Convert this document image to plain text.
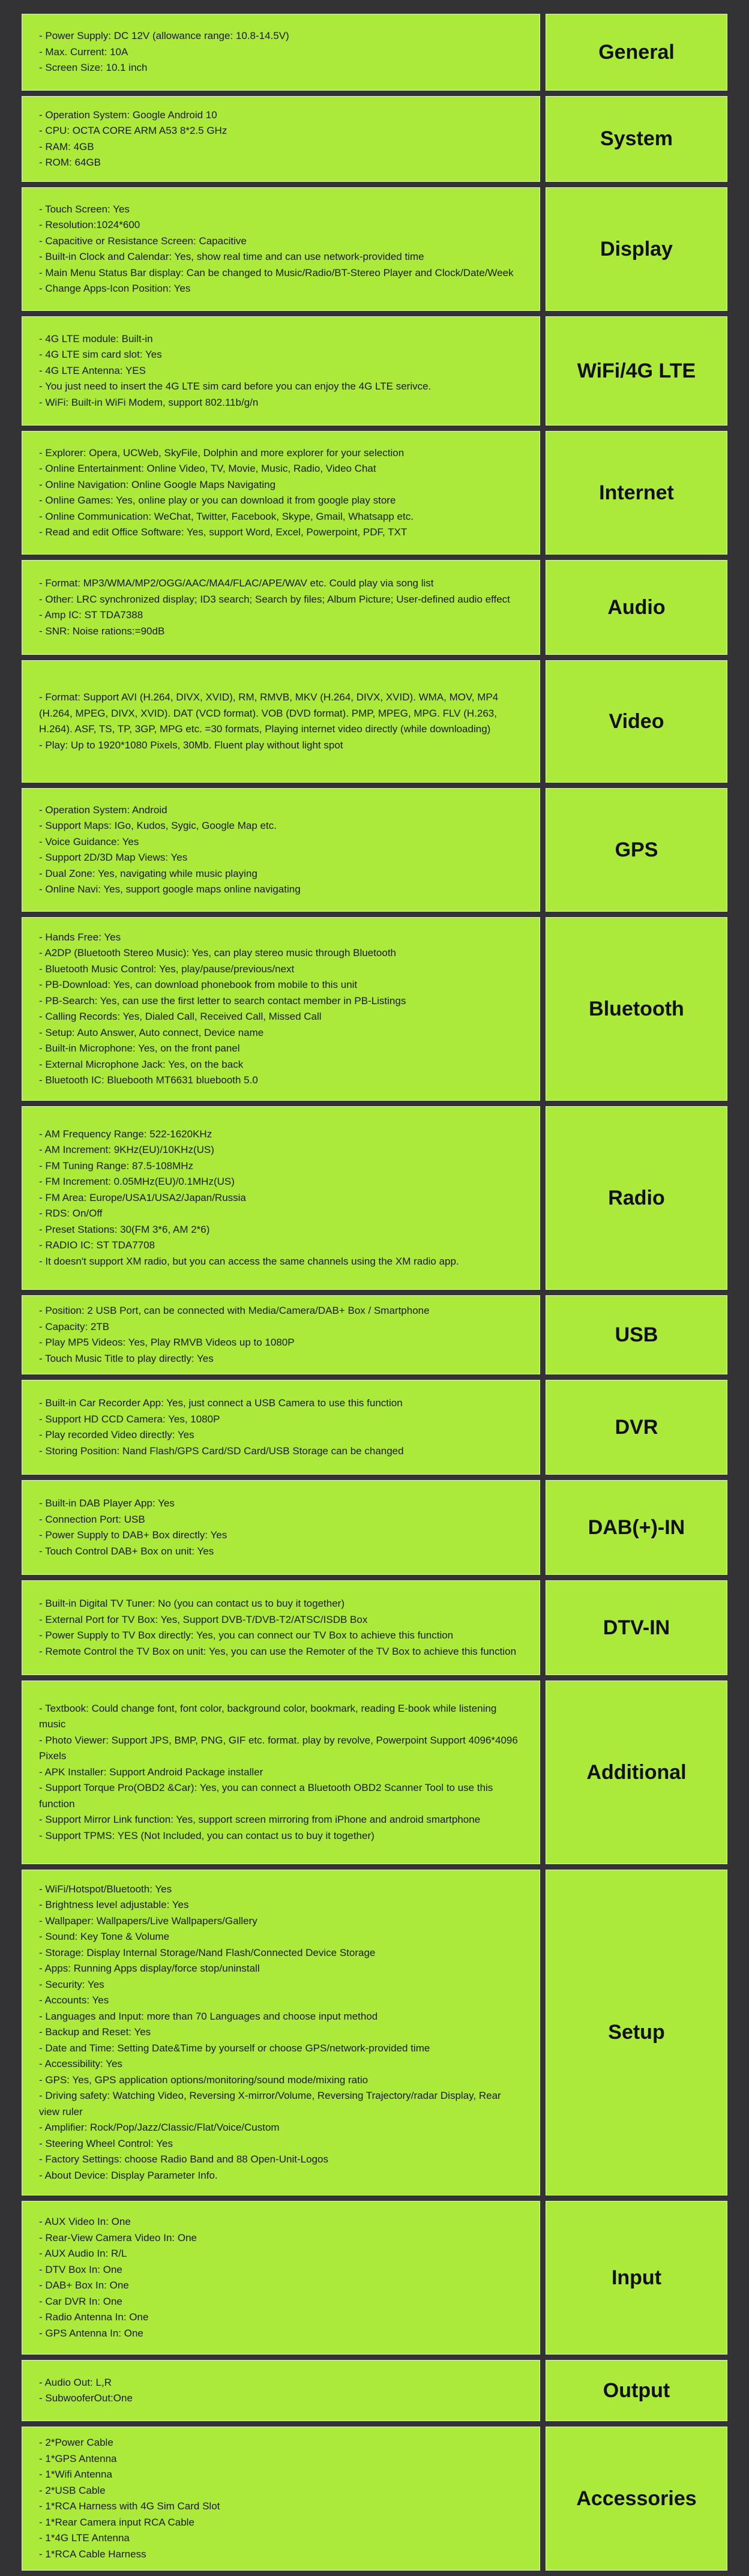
- Power Supply: DC 12V (allowance range: 10.8-14.5V)
- Max. Current: 10A
- Screen Size: 10.1 inch
General
- Operation System: Google Android 10
- CPU: OCTA CORE ARM A53 8*2.5 GHz
- RAM: 4GB
- ROM: 64GB
System
- Touch Screen: Yes
- Resolution:1024*600
- Capacitive or Resistance Screen: Capacitive
- Built-in Clock and Calendar: Yes, show real time and can use network-provided time
- Main Menu Status Bar display: Can be changed to Music/Radio/BT-Stereo Player and Clock/Date/Week
- Change Apps-Icon Position: Yes
Display
- 4G LTE module: Built-in
- 4G LTE sim card slot: Yes
- 4G LTE Antenna: YES
- You just need to insert the 4G LTE sim card before you can enjoy the 4G LTE serivce.
- WiFi: Built-in WiFi Modem, support 802.11b/g/n
WiFi/4G LTE
- Explorer: Opera, UCWeb, SkyFile, Dolphin and more explorer for your selection
- Online Entertainment: Online Video, TV, Movie, Music, Radio, Video Chat
- Online Navigation: Online Google Maps Navigating
- Online Games: Yes, online play or you can download it from google play store
- Online Communication: WeChat, Twitter, Facebook, Skype, Gmail, Whatsapp etc.
- Read and edit Office Software: Yes, support Word, Excel, Powerpoint, PDF, TXT
Internet
- Format: MP3/WMA/MP2/OGG/AAC/MA4/FLAC/APE/WAV etc. Could play via song list
- Other: LRC synchronized display; ID3 search; Search by files; Album Picture; User-defined audio effect
- Amp IC: ST TDA7388
- SNR: Noise rations:=90dB
Audio
- Format: Support AVI (H.264, DIVX, XVID), RM, RMVB, MKV (H.264, DIVX, XVID). WMA, MOV, MP4 (H.264, MPEG, DIVX, XVID). DAT (VCD format). VOB (DVD format). PMP, MPEG, MPG. FLV (H.263, H.264). ASF, TS, TP, 3GP, MPG etc. =30 formats, Playing internet video directly (while downloading)
- Play: Up to 1920*1080 Pixels, 30Mb. Fluent play without light spot
Video
- Operation System: Android
- Support Maps: IGo, Kudos, Sygic, Google Map etc.
- Voice Guidance: Yes
- Support 2D/3D Map Views: Yes
- Dual Zone: Yes, navigating while music playing
- Online Navi: Yes, support google maps online navigating
GPS
- Hands Free: Yes
- A2DP (Bluetooth Stereo Music): Yes, can play stereo music through Bluetooth
- Bluetooth Music Control: Yes, play/pause/previous/next
- PB-Download: Yes, can download phonebook from mobile to this unit
- PB-Search: Yes, can use the first letter to search contact member in PB-Listings
- Calling Records: Yes, Dialed Call, Received Call, Missed Call
- Setup: Auto Answer, Auto connect, Device name
- Built-in Microphone: Yes, on the front panel
- External Microphone Jack: Yes, on the back
- Bluetooth IC: Bluebooth MT6631 bluebooth 5.0
Bluetooth
- AM Frequency Range: 522-1620KHz
- AM Increment: 9KHz(EU)/10KHz(US)
- FM Tuning Range: 87.5-108MHz
- FM Increment: 0.05MHz(EU)/0.1MHz(US)
- FM Area: Europe/USA1/USA2/Japan/Russia
- RDS: On/Off
- Preset Stations: 30(FM 3*6, AM 2*6)
- RADIO IC: ST TDA7708
- It doesn't support XM radio, but you can access the same channels using the XM radio app.
Radio
- Position: 2 USB Port, can be connected with Media/Camera/DAB+ Box / Smartphone
- Capacity: 2TB
- Play MP5 Videos: Yes, Play RMVB Videos up to 1080P
- Touch Music Title to play directly: Yes
USB
- Built-in Car Recorder App: Yes, just connect a USB Camera to use this function
- Support HD CCD Camera: Yes, 1080P
- Play recorded Video directly: Yes
- Storing Position: Nand Flash/GPS Card/SD Card/USB Storage can be changed
DVR
- Built-in DAB Player App: Yes
- Connection Port: USB
- Power Supply to DAB+ Box directly: Yes
- Touch Control DAB+ Box on unit: Yes
DAB(+)-IN
- Built-in Digital TV Tuner: No (you can contact us to buy it together)
- External Port for TV Box: Yes, Support DVB-T/DVB-T2/ATSC/ISDB Box
- Power Supply to TV Box directly: Yes, you can connect our TV Box to achieve this function
- Remote Control the TV Box on unit: Yes, you can use the Remoter of the TV Box to achieve this function
DTV-IN
- Textbook: Could change font, font color, background color, bookmark, reading E-book while listening music
- Photo Viewer: Support JPS, BMP, PNG, GIF etc. format. play by revolve, Powerpoint Support 4096*4096 Pixels
- APK Installer: Support Android Package installer
- Support Torque Pro(OBD2 &Car): Yes, you can connect a Bluetooth OBD2 Scanner Tool to use this function
- Support Mirror Link function: Yes, support screen mirroring from iPhone and android smartphone
- Support TPMS: YES (Not Included, you can contact us to buy it together)
Additional
- WiFi/Hotspot/Bluetooth: Yes
- Brightness level adjustable: Yes
- Wallpaper: Wallpapers/Live Wallpapers/Gallery
- Sound: Key Tone & Volume
- Storage: Display Internal Storage/Nand Flash/Connected Device Storage
- Apps: Running Apps display/force stop/uninstall
- Security: Yes
- Accounts: Yes
- Languages and Input: more than 70 Languages and choose input method
- Backup and Reset: Yes
- Date and Time: Setting Date&Time by yourself or choose GPS/network-provided time
- Accessibility: Yes
- GPS: Yes, GPS application options/monitoring/sound mode/mixing ratio
- Driving safety: Watching Video, Reversing X-mirror/Volume, Reversing Trajectory/radar Display, Rear view ruler
- Amplifier: Rock/Pop/Jazz/Classic/Flat/Voice/Custom
- Steering Wheel Control: Yes
- Factory Settings: choose Radio Band and 88 Open-Unit-Logos
- About Device: Display Parameter Info.
Setup
- AUX Video In: One
- Rear-View Camera Video In: One
- AUX Audio In: R/L
- DTV Box In: One
- DAB+ Box In: One
- Car DVR In: One
- Radio Antenna In: One
- GPS Antenna In: One
Input
- Audio Out: L,R
- SubwooferOut:One	Output
- 2*Power Cable
- 1*GPS Antenna
- 1*Wifi Antenna
- 2*USB Cable
- 1*RCA Harness with 4G Sim Card Slot
- 1*Rear Camera input RCA Cable
- 1*4G LTE Antenna
- 1*RCA Cable Harness
Accessories
